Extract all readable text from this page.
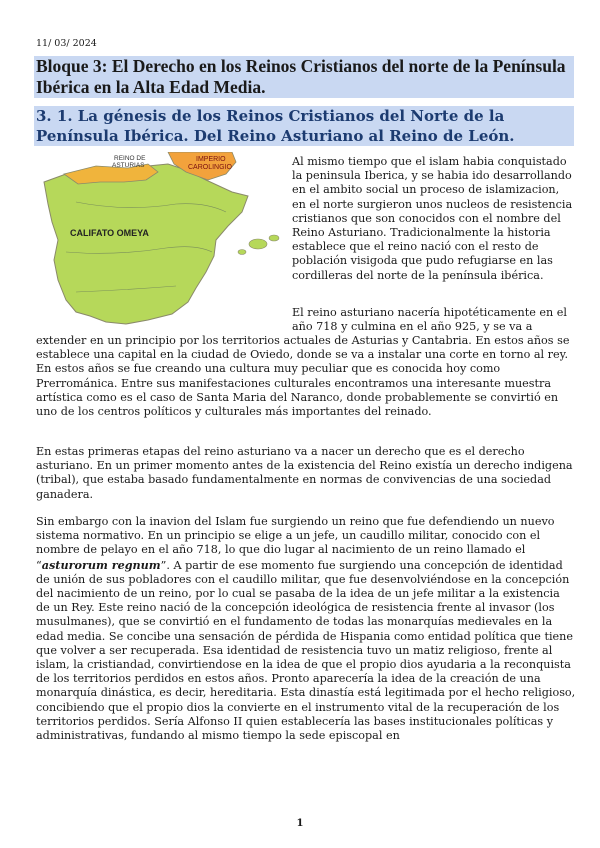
11/ 03/ 2024
Bloque 3: El Derecho en los Reinos Cristianos del norte de la Península Ibérica en la Alta Edad Media.
3. 1. La génesis de los Reinos Cristianos del Norte de la Península Ibérica. Del Reino Asturiano al Reino de León.
REINO DE
ASTURIAS
IMPERIO
CAROLINGIO
CALIFATO OMEYA

Al mismo tiempo que el islam habia conquistado la peninsula Iberica, y se habia ido desarrollando en el ambito social un proceso de islamizacion, en el norte surgieron unos nucleos de resistencia cristianos que son conocidos con el nombre del Reino Asturiano. Tradicionalmente la historia establece que el reino nació con el resto de población visigoda que pudo refugiarse en las cordilleras del norte de la península ibérica.

El reino asturiano nacería hipotéticamente en el año 718 y culmina en el año 925, y se va a

extender en un principio por los territorios actuales de Asturias y Cantabria. En estos años se establece una capital en la ciudad de Oviedo, donde se va a instalar una corte en torno al rey. En estos años se fue creando una cultura muy peculiar que es conocida hoy como Prerrománica. Entre sus manifestaciones culturales encontramos una interesante muestra artística como es el caso de Santa Maria del Naranco, donde probablemente se convirtió en uno de los centros políticos y culturales más importantes del reinado.

En estas primeras etapas del reino asturiano va a nacer un derecho que es el derecho asturiano. En un primer momento antes de la existencia del Reino existía un derecho indigena (tribal), que estaba basado fundamentalmente en normas de convivencias de una sociedad ganadera.

Sin embargo con la inavion del Islam fue surgiendo un reino que fue defendiendo un nuevo sistema normativo. En un principio se elige a un jefe, un caudillo militar, conocido con el nombre de pelayo en el año 718, lo que dio lugar al nacimiento de un reino llamado el “asturorum regnum”. A partir de ese momento fue surgiendo una concepción de identidad de unión de sus pobladores con el caudillo militar, que fue desenvolviéndose en la concepción del nacimiento de un reino, por lo cual se pasaba de la idea de un jefe militar a la existencia de un Rey. Este reino nació de la concepción ideológica de resistencia frente al invasor (los musulmanes), que se convirtió en el fundamento de todas las monarquías medievales en la edad media. Se concibe una sensación de pérdida de Hispania como entidad política que tiene que volver a ser recuperada. Esa identidad de resistencia tuvo un matiz religioso, frente al islam, la cristiandad, convirtiendose en la idea de que el propio dios ayudaria a la reconquista de los territorios perdidos en estos años. Pronto aparecería la idea de la creación de una monarquía dinástica, es decir, hereditaria. Esta dinastía está legitimada por el hecho religioso, concibiendo que el propio dios la convierte en el instrumento vital de la recuperación de los territorios perdidos. Sería Alfonso II quien establecería las bases institucionales políticas y administrativas, fundando al mismo tiempo la sede episcopal en

1
